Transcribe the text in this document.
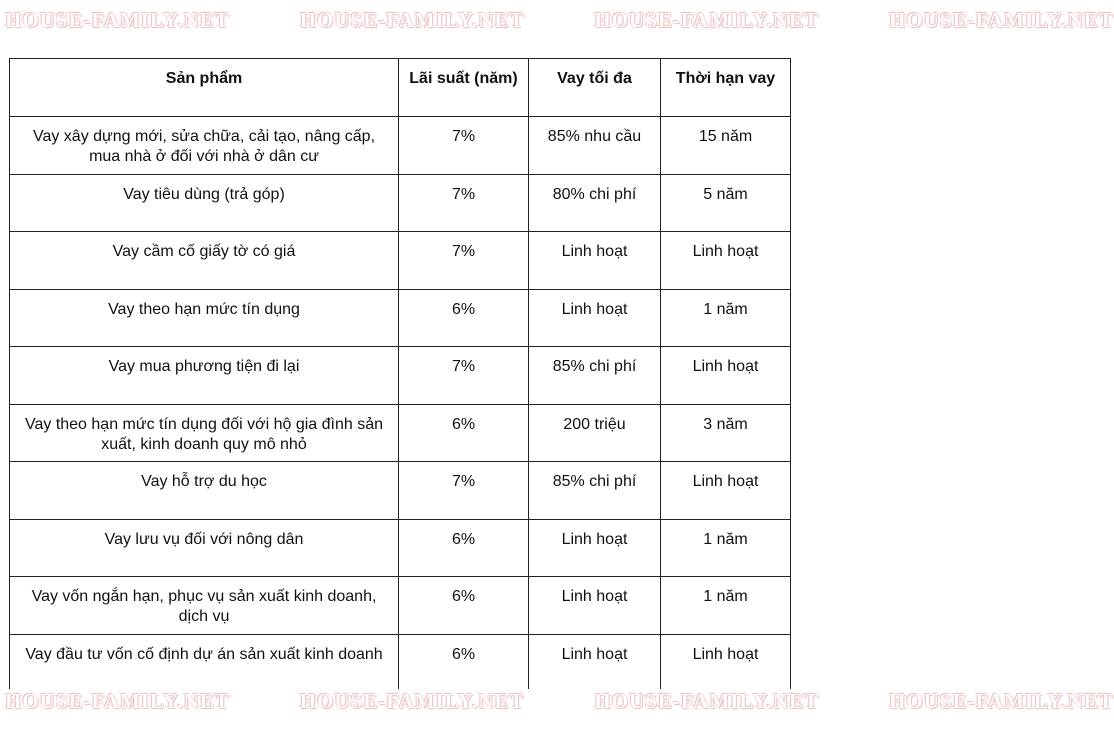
HOUSE-FAMILY.NET	HOUSE-FAMILY.NET	HOUSE-FAMILY.NET	HOUSE-FAMILY.NET
Sản phẩm	Lãi suất (năm)	Vay tối đa	Thời hạn vay
Vay xây dựng mới, sửa chữa, cải tạo, nâng cấp, mua nhà ở đối với nhà ở dân cư	7%	85% nhu cầu	15 năm
Vay tiêu dùng (trả góp)	7%	80% chi phí	5 năm
Vay cầm cố giấy tờ có giá	7%	Linh hoạt	Linh hoạt
Vay theo hạn mức tín dụng	6%	Linh hoạt	1 năm
Vay mua phương tiện đi lại	7%	85% chi phí	Linh hoạt
Vay theo hạn mức tín dụng đối với hộ gia đình sản xuất, kinh doanh quy mô nhỏ	6%	200 triệu	3 năm
Vay hỗ trợ du học	7%	85% chi phí	Linh hoạt
Vay lưu vụ đối với nông dân	6%	Linh hoạt	1 năm
Vay vốn ngắn hạn, phục vụ sản xuất kinh doanh, dịch vụ	6%	Linh hoạt	1 năm
Vay đầu tư vốn cố định dự án sản xuất kinh doanh	6%	Linh hoạt	Linh hoạt
HOUSE-FAMILY.NET	HOUSE-FAMILY.NET	HOUSE-FAMILY.NET	HOUSE-FAMILY.NET
